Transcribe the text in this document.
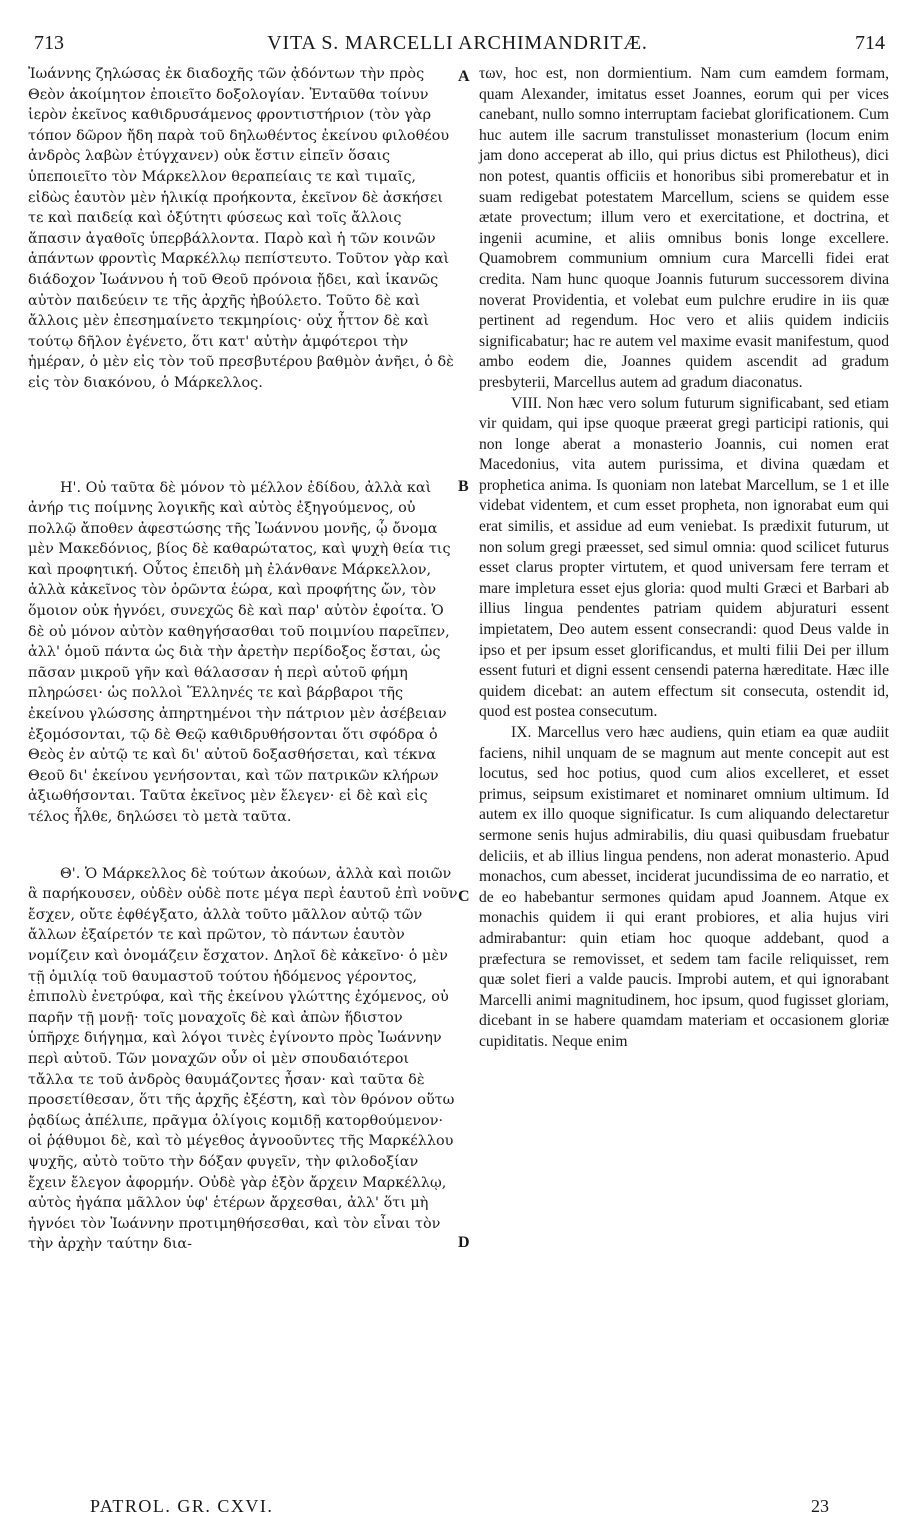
713	VITA S. MARCELLI ARCHIMANDRITÆ.	714
A
B
C
D

Ἰωάννης ζηλώσας ἐκ διαδοχῆς τῶν ᾀδόντων τὴν πρὸς Θεὸν ἀκοίμητον ἐποιεῖτο δοξολογίαν. Ἐνταῦθα τοίνυν ἱερὸν ἐκεῖνος καθιδρυσάμενος φροντιστήριον (τὸν γὰρ τόπον δῶρον ἤδη παρὰ τοῦ δηλωθέντος ἐκείνου φιλοθέου ἀνδρὸς λαβὼν ἐτύγχανεν) οὐκ ἔστιν εἰπεῖν ὅσαις ὑπεποιεῖτο τὸν Μάρκελλον θεραπείαις τε καὶ τιμαῖς, εἰδὼς ἑαυτὸν μὲν ἡλικίᾳ προήκοντα, ἐκεῖνον δὲ ἀσκήσει τε καὶ παιδείᾳ καὶ ὀξύτητι φύσεως καὶ τοῖς ἄλλοις ἅπασιν ἀγαθοῖς ὑπερβάλλοντα. Παρὸ καὶ ἡ τῶν κοινῶν ἁπάντων φροντὶς Μαρκέλλῳ πεπίστευτο. Τοῦτον γὰρ καὶ διάδοχον Ἰωάννου ἡ τοῦ Θεοῦ πρόνοια ᾔδει, καὶ ἱκανῶς αὐτὸν παιδεύειν τε τῆς ἀρχῆς ἠβούλετο. Τοῦτο δὲ καὶ ἄλλοις μὲν ἐπεσημαίνετο τεκμηρίοις· οὐχ ἧττον δὲ καὶ τούτῳ δῆλον ἐγένετο, ὅτι κατ' αὐτὴν ἀμφότεροι τὴν ἡμέραν, ὁ μὲν εἰς τὸν τοῦ πρεσβυτέρου βαθμὸν ἀνῆει, ὁ δὲ εἰς τὸν διακόνου, ὁ Μάρκελλος.

Η'. Οὐ ταῦτα δὲ μόνον τὸ μέλλον ἐδίδου, ἀλλὰ καὶ ἀνήρ τις ποίμνης λογικῆς καὶ αὐτὸς ἐξηγούμενος, οὐ πολλῷ ἄποθεν ἀφεστώσης τῆς Ἰωάννου μονῆς, ᾧ ὄνομα μὲν Μακεδόνιος, βίος δὲ καθαρώτατος, καὶ ψυχὴ θεία τις καὶ προφητική. Οὗτος ἐπειδὴ μὴ ἐλάνθανε Μάρκελλον, ἀλλὰ κἀκεῖνος τὸν ὁρῶντα ἑώρα, καὶ προφήτης ὤν, τὸν ὅμοιον οὐκ ἠγνόει, συνεχῶς δὲ καὶ παρ' αὐτὸν ἐφοίτα. Ὁ δὲ οὐ μόνον αὐτὸν καθηγήσασθαι τοῦ ποιμνίου παρεῖπεν, ἀλλ' ὁμοῦ πάντα ὡς διὰ τὴν ἀρετὴν περίδοξος ἔσται, ὡς πᾶσαν μικροῦ γῆν καὶ θάλασσαν ἡ περὶ αὐτοῦ φήμη πληρώσει· ὡς πολλοὶ Ἕλληνές τε καὶ βάρβαροι τῆς ἐκείνου γλώσσης ἀπηρτημένοι τὴν πάτριον μὲν ἀσέβειαν ἐξομόσονται, τῷ δὲ Θεῷ καθιδρυθήσονται ὅτι σφόδρα ὁ Θεὸς ἐν αὐτῷ τε καὶ δι' αὐτοῦ δοξασθήσεται, καὶ τέκνα Θεοῦ δι' ἐκείνου γενήσονται, καὶ τῶν πατρικῶν κλήρων ἀξιωθήσονται. Ταῦτα ἐκεῖνος μὲν ἔλεγεν· εἰ δὲ καὶ εἰς τέλος ἦλθε, δηλώσει τὸ μετὰ ταῦτα.

Θ'. Ὁ Μάρκελλος δὲ τούτων ἀκούων, ἀλλὰ καὶ ποιῶν ἃ παρήκουσεν, οὐδὲν οὐδὲ ποτε μέγα περὶ ἑαυτοῦ ἐπὶ νοῦν ἔσχεν, οὔτε ἐφθέγξατο, ἀλλὰ τοῦτο μᾶλλον αὐτῷ τῶν ἄλλων ἐξαίρετόν τε καὶ πρῶτον, τὸ πάντων ἑαυτὸν νομίζειν καὶ ὀνομάζειν ἔσχατον. Δηλοῖ δὲ κἀκεῖνο· ὁ μὲν τῇ ὁμιλίᾳ τοῦ θαυμαστοῦ τούτου ἡδόμενος γέροντος, ἐπιπολὺ ἐνετρύφα, καὶ τῆς ἐκείνου γλώττης ἐχόμενος, οὐ παρῆν τῇ μονῇ· τοῖς μοναχοῖς δὲ καὶ ἀπὼν ἥδιστον ὑπῆρχε διήγημα, καὶ λόγοι τινὲς ἐγίνοντο πρὸς Ἰωάννην περὶ αὐτοῦ. Τῶν μοναχῶν οὖν οἱ μὲν σπουδαιότεροι τἄλλα τε τοῦ ἀνδρὸς θαυμάζοντες ἦσαν· καὶ ταῦτα δὲ προσετίθεσαν, ὅτι τῆς ἀρχῆς ἐξέστη, καὶ τὸν θρόνον οὕτω ῥᾳδίως ἀπέλιπε, πρᾶγμα ὀλίγοις κομιδῇ κατορθούμενον· οἱ ῥᾴθυμοι δὲ, καὶ τὸ μέγεθος ἀγνοοῦντες τῆς Μαρκέλλου ψυχῆς, αὐτὸ τοῦτο τὴν δόξαν φυγεῖν, τὴν φιλοδοξίαν ἔχειν ἔλεγον ἀφορμήν. Οὐδὲ γὰρ ἐξὸν ἄρχειν Μαρκέλλῳ, αὐτὸς ἠγάπα μᾶλλον ὑφ' ἑτέρων ἄρχεσθαι, ἀλλ' ὅτι μὴ ἠγνόει τὸν Ἰωάννην προτιμηθήσεσθαι, καὶ τὸν εἶναι τὸν τὴν ἀρχὴν ταύτην δια-

των, hoc est, non dormientium. Nam cum eamdem formam, quam Alexander, imitatus esset Joannes, eorum qui per vices canebant, nullo somno interruptam faciebat glorificationem. Cum huc autem ille sacrum transtulisset monasterium (locum enim jam dono acceperat ab illo, qui prius dictus est Philotheus), dici non potest, quantis officiis et honoribus sibi promerebatur et in suam redigebat potestatem Marcellum, sciens se quidem esse ætate provectum; illum vero et exercitatione, et doctrina, et ingenii acumine, et aliis omnibus bonis longe excellere. Quamobrem communium omnium cura Marcelli fidei erat credita. Nam hunc quoque Joannis futurum successorem divina noverat Providentia, et volebat eum pulchre erudire in iis quæ pertinent ad regendum. Hoc vero et aliis quidem indiciis significabatur; hac re autem vel maxime evasit manifestum, quod ambo eodem die, Joannes quidem ascendit ad gradum presbyterii, Marcellus autem ad gradum diaconatus.

VIII. Non hæc vero solum futurum significabant, sed etiam vir quidam, qui ipse quoque præerat gregi participi rationis, qui non longe aberat a monasterio Joannis, cui nomen erat Macedonius, vita autem purissima, et divina quædam et prophetica anima. Is quoniam non latebat Marcellum, se 1 et ille videbat videntem, et cum esset propheta, non ignorabat eum qui erat similis, et assidue ad eum veniebat. Is prædixit futurum, ut non solum gregi præesset, sed simul omnia: quod scilicet futurus esset clarus propter virtutem, et quod universam fere terram et mare impletura esset ejus gloria: quod multi Græci et Barbari ab illius lingua pendentes patriam quidem abjuraturi essent impietatem, Deo autem essent consecrandi: quod Deus valde in ipso et per ipsum esset glorificandus, et multi filii Dei per illum essent futuri et digni essent censendi paterna hæreditate. Hæc ille quidem dicebat: an autem effectum sit consecuta, ostendit id, quod est postea consecutum.

IX. Marcellus vero hæc audiens, quin etiam ea quæ audiit faciens, nihil unquam de se magnum aut mente concepit aut est locutus, sed hoc potius, quod cum alios excelleret, et esset primus, seipsum existimaret et nominaret omnium ultimum. Id autem ex illo quoque significatur. Is cum aliquando delectaretur sermone senis hujus admirabilis, diu quasi quibusdam fruebatur deliciis, et ab illius lingua pendens, non aderat monasterio. Apud monachos, cum abesset, inciderat jucundissima de eo narratio, et de eo habebantur sermones quidam apud Joannem. Atque ex monachis quidem ii qui erant probiores, et alia hujus viri admirabantur: quin etiam hoc quoque addebant, quod a præfectura se removisset, et sedem tam facile reliquisset, rem quæ solet fieri a valde paucis. Improbi autem, et qui ignorabant Marcelli animi magnitudinem, hoc ipsum, quod fugisset gloriam, dicebant in se habere quamdam materiam et occasionem gloriæ cupiditatis. Neque enim

PATROL. GR. CXVI.	23
